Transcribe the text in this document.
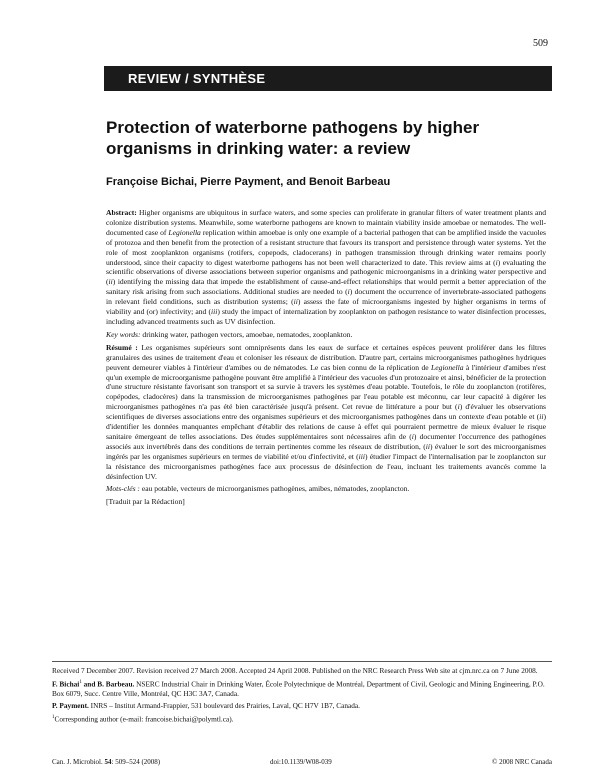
509
REVIEW / SYNTHÈSE
Protection of waterborne pathogens by higher organisms in drinking water: a review
Françoise Bichai, Pierre Payment, and Benoit Barbeau

Abstract: Higher organisms are ubiquitous in surface waters, and some species can proliferate in granular filters of water treatment plants and colonize distribution systems. Meanwhile, some waterborne pathogens are known to maintain viability inside amoebae or nematodes. The well-documented case of Legionella replication within amoebae is only one example of a bacterial pathogen that can be amplified inside the vacuoles of protozoa and then benefit from the protection of a resistant structure that favours its transport and persistence through water systems. Yet the role of most zooplankton organisms (rotifers, copepods, cladocerans) in pathogen transmission through drinking water remains poorly understood, since their capacity to digest waterborne pathogens has not been well characterized to date. This review aims at (i) evaluating the scientific observations of diverse associations between superior organisms and pathogenic microorganisms in a drinking water perspective and (ii) identifying the missing data that impede the establishment of cause-and-effect relationships that would permit a better appreciation of the sanitary risk arising from such associations. Additional studies are needed to (i) document the occurrence of invertebrate-associated pathogens in relevant field conditions, such as distribution systems; (ii) assess the fate of microorganisms ingested by higher organisms in terms of viability and (or) infectivity; and (iii) study the impact of internalization by zooplankton on pathogen resistance to water disinfection processes, including advanced treatments such as UV disinfection.

Key words: drinking water, pathogen vectors, amoebae, nematodes, zooplankton.

Résumé : Les organismes supérieurs sont omniprésents dans les eaux de surface et certaines espèces peuvent proliférer dans les filtres granulaires des usines de traitement d'eau et coloniser les réseaux de distribution. D'autre part, certains microorganismes pathogènes hydriques peuvent demeurer viables à l'intérieur d'amibes ou de nématodes. Le cas bien connu de la réplication de Legionella à l'intérieur d'amibes n'est qu'un exemple de microorganisme pathogène pouvant être amplifié à l'intérieur des vacuoles d'un protozoaire et ainsi, bénéficier de la protection d'une structure résistante favorisant son transport et sa survie à travers les systèmes d'eau potable. Toutefois, le rôle du zooplancton (rotifères, copépodes, cladocères) dans la transmission de microorganismes pathogènes par l'eau potable est méconnu, car leur capacité à digérer les microorganismes pathogènes n'a pas été bien caractérisée jusqu'à présent. Cet revue de littérature a pour but (i) d'évaluer les observations scientifiques de diverses associations entre des organismes supérieurs et des microorganismes pathogènes dans un contexte d'eau potable et (ii) d'identifier les données manquantes empêchant d'établir des relations de cause à effet qui pourraient permettre de mieux évaluer le risque sanitaire émergeant de telles associations. Des études supplémentaires sont nécessaires afin de (i) documenter l'occurrence des pathogènes associés aux invertébrés dans des conditions de terrain pertinentes comme les réseaux de distribution, (ii) évaluer le sort des microorganismes ingérés par les organismes supérieurs en termes de viabilité et/ou d'infectivité, et (iii) étudier l'impact de l'internalisation par le zooplancton sur la résistance des microorganismes pathogènes face aux processus de désinfection de l'eau, incluant les traitements avancés comme la désinfection UV.

Mots-clés : eau potable, vecteurs de microorganismes pathogènes, amibes, nématodes, zooplancton.

[Traduit par la Rédaction]

Received 7 December 2007. Revision received 27 March 2008. Accepted 24 April 2008. Published on the NRC Research Press Web site at cjm.nrc.ca on 7 June 2008.

F. Bichai$^1$ and B. Barbeau. NSERC Industrial Chair in Drinking Water, École Polytechnique de Montréal, Department of Civil, Geologic and Mining Engineering, P.O. Box 6079, Succ. Centre Ville, Montréal, QC H3C 3A7, Canada.

P. Payment. INRS – Institut Armand-Frappier, 531 boulevard des Prairies, Laval, QC H7V 1B7, Canada.

$^1$Corresponding author (e-mail: francoise.bichai@polymtl.ca).

Can. J. Microbiol. 54: 509–524 (2008)	doi:10.1139/W08-039	© 2008 NRC Canada
